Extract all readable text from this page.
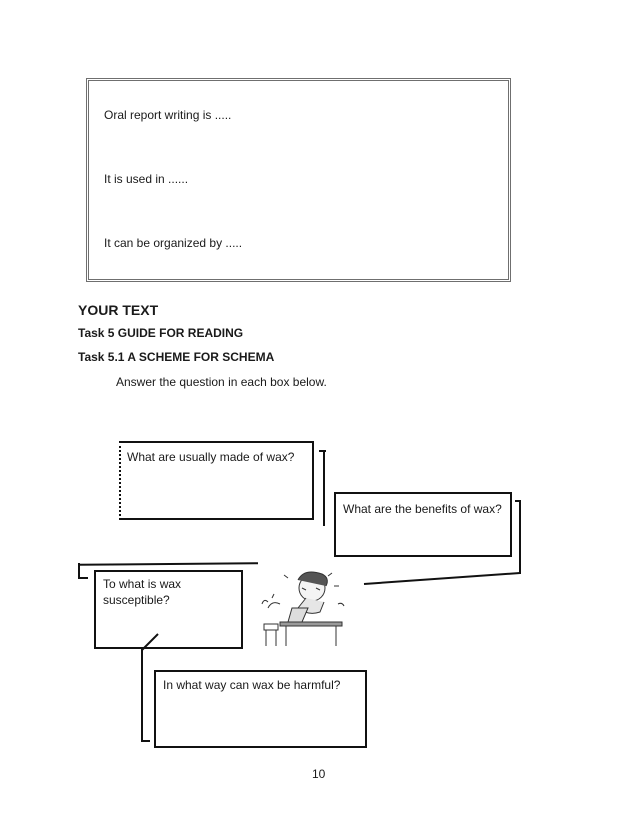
Oral report writing is .....
It is used in ......
It can be organized by .....
YOUR TEXT
Task 5 GUIDE FOR READING
Task 5.1 A SCHEME FOR SCHEMA
Answer the question in each box below.
What are usually made of wax?
What are the benefits of wax?
To what is wax
susceptible?
In what way can wax be harmful?
10
